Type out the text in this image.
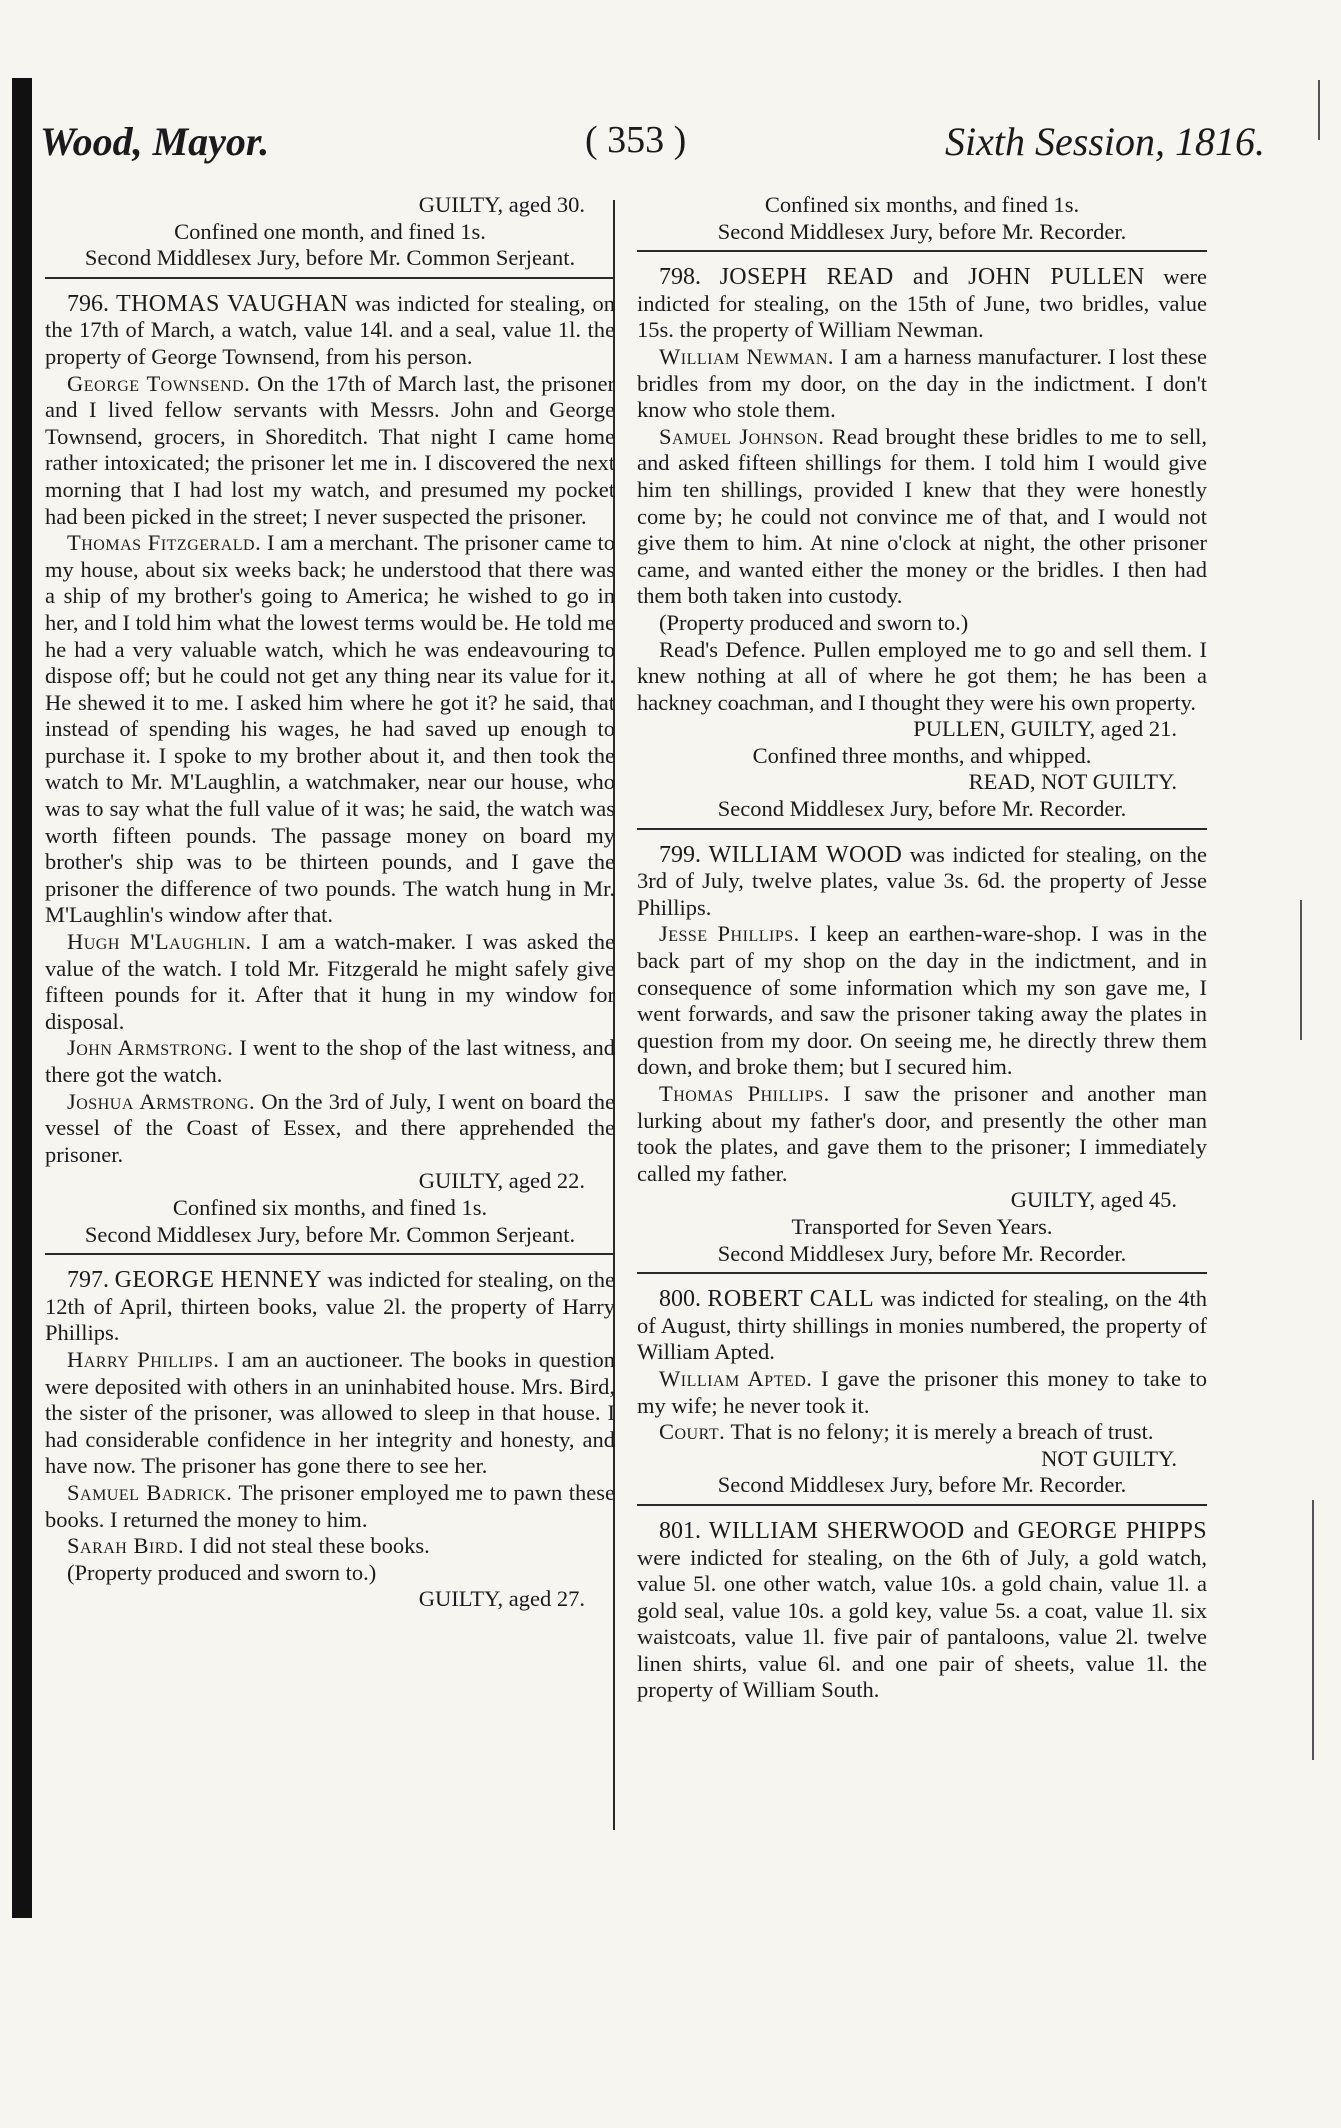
Wood, Mayor.	( 353 )	Sixth Session, 1816.

GUILTY, aged 30.

Confined one month, and fined 1s.

Second Middlesex Jury, before Mr. Common Serjeant.

796. THOMAS VAUGHAN was indicted for stealing, on the 17th of March, a watch, value 14l. and a seal, value 1l. the property of George Townsend, from his person.

George Townsend. On the 17th of March last, the prisoner and I lived fellow servants with Messrs. John and George Townsend, grocers, in Shoreditch. That night I came home rather intoxicated; the prisoner let me in. I discovered the next morning that I had lost my watch, and presumed my pocket had been picked in the street; I never suspected the prisoner.

Thomas Fitzgerald. I am a merchant. The prisoner came to my house, about six weeks back; he understood that there was a ship of my brother's going to America; he wished to go in her, and I told him what the lowest terms would be. He told me he had a very valuable watch, which he was endeavouring to dispose off; but he could not get any thing near its value for it. He shewed it to me. I asked him where he got it? he said, that instead of spending his wages, he had saved up enough to purchase it. I spoke to my brother about it, and then took the watch to Mr. M'Laughlin, a watchmaker, near our house, who was to say what the full value of it was; he said, the watch was worth fifteen pounds. The passage money on board my brother's ship was to be thirteen pounds, and I gave the prisoner the difference of two pounds. The watch hung in Mr. M'Laughlin's window after that.

Hugh M'Laughlin. I am a watch-maker. I was asked the value of the watch. I told Mr. Fitzgerald he might safely give fifteen pounds for it. After that it hung in my window for disposal.

John Armstrong. I went to the shop of the last witness, and there got the watch.

Joshua Armstrong. On the 3rd of July, I went on board the vessel of the Coast of Essex, and there apprehended the prisoner.

GUILTY, aged 22.

Confined six months, and fined 1s.

Second Middlesex Jury, before Mr. Common Serjeant.

797. GEORGE HENNEY was indicted for stealing, on the 12th of April, thirteen books, value 2l. the property of Harry Phillips.

Harry Phillips. I am an auctioneer. The books in question were deposited with others in an uninhabited house. Mrs. Bird, the sister of the prisoner, was allowed to sleep in that house. I had considerable confidence in her integrity and honesty, and have now. The prisoner has gone there to see her.

Samuel Badrick. The prisoner employed me to pawn these books. I returned the money to him.

Sarah Bird. I did not steal these books.

(Property produced and sworn to.)

GUILTY, aged 27.

Confined six months, and fined 1s.

Second Middlesex Jury, before Mr. Recorder.

798. JOSEPH READ and JOHN PULLEN were indicted for stealing, on the 15th of June, two bridles, value 15s. the property of William Newman.

William Newman. I am a harness manufacturer. I lost these bridles from my door, on the day in the indictment. I don't know who stole them.

Samuel Johnson. Read brought these bridles to me to sell, and asked fifteen shillings for them. I told him I would give him ten shillings, provided I knew that they were honestly come by; he could not convince me of that, and I would not give them to him. At nine o'clock at night, the other prisoner came, and wanted either the money or the bridles. I then had them both taken into custody.

(Property produced and sworn to.)

Read's Defence. Pullen employed me to go and sell them. I knew nothing at all of where he got them; he has been a hackney coachman, and I thought they were his own property.

PULLEN, GUILTY, aged 21.

Confined three months, and whipped.

READ, NOT GUILTY.

Second Middlesex Jury, before Mr. Recorder.

799. WILLIAM WOOD was indicted for stealing, on the 3rd of July, twelve plates, value 3s. 6d. the property of Jesse Phillips.

Jesse Phillips. I keep an earthen-ware-shop. I was in the back part of my shop on the day in the indictment, and in consequence of some information which my son gave me, I went forwards, and saw the prisoner taking away the plates in question from my door. On seeing me, he directly threw them down, and broke them; but I secured him.

Thomas Phillips. I saw the prisoner and another man lurking about my father's door, and presently the other man took the plates, and gave them to the prisoner; I immediately called my father.

GUILTY, aged 45.

Transported for Seven Years.

Second Middlesex Jury, before Mr. Recorder.

800. ROBERT CALL was indicted for stealing, on the 4th of August, thirty shillings in monies numbered, the property of William Apted.

William Apted. I gave the prisoner this money to take to my wife; he never took it.

Court. That is no felony; it is merely a breach of trust.

NOT GUILTY.

Second Middlesex Jury, before Mr. Recorder.

801. WILLIAM SHERWOOD and GEORGE PHIPPS were indicted for stealing, on the 6th of July, a gold watch, value 5l. one other watch, value 10s. a gold chain, value 1l. a gold seal, value 10s. a gold key, value 5s. a coat, value 1l. six waistcoats, value 1l. five pair of pantaloons, value 2l. twelve linen shirts, value 6l. and one pair of sheets, value 1l. the property of William South.
